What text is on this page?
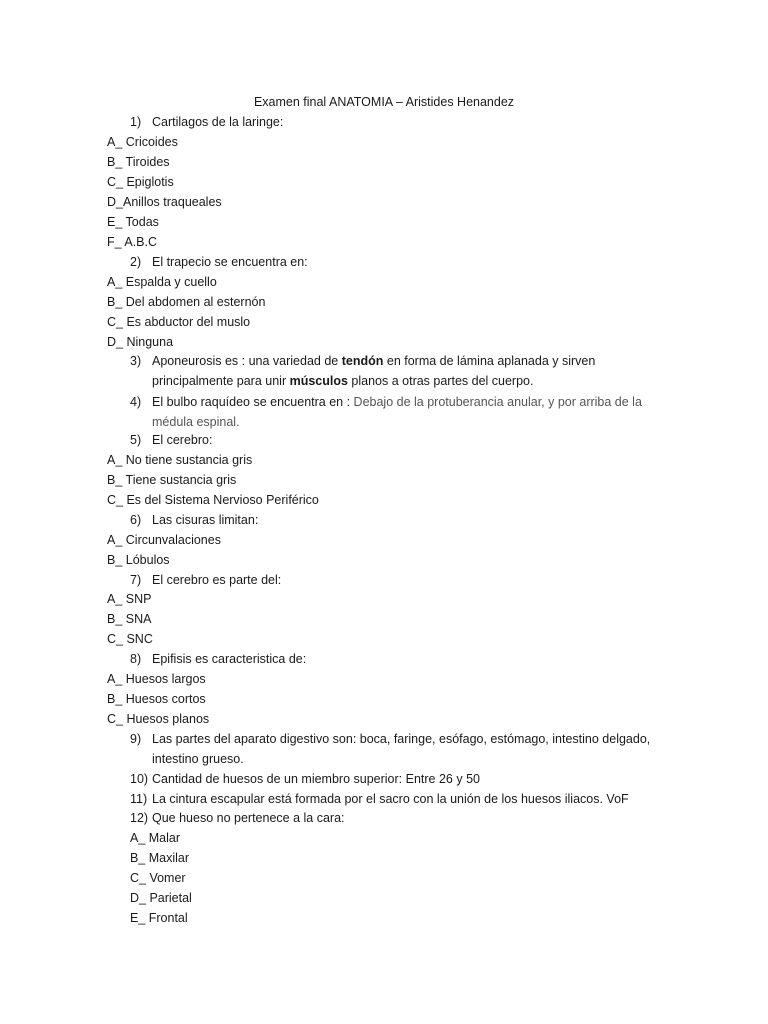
Examen final ANATOMIA – Aristides Henandez
1) Cartilagos de la laringe:
A_ Cricoides
B_ Tiroides
C_ Epiglotis
D_Anillos traqueales
E_ Todas
F_ A.B.C
2) El trapecio se encuentra en:
A_ Espalda y cuello
B_ Del abdomen al esternón
C_ Es abductor del muslo
D_ Ninguna
3) Aponeurosis es : una variedad de tendón en forma de lámina aplanada y sirven principalmente para unir músculos planos a otras partes del cuerpo.
4) El bulbo raquídeo se encuentra en : Debajo de la protuberancia anular, y por arriba de la médula espinal.
5) El cerebro:
A_ No tiene sustancia gris
B_ Tiene sustancia gris
C_ Es del Sistema Nervioso Periférico
6) Las cisuras limitan:
A_ Circunvalaciones
B_ Lóbulos
7) El cerebro es parte del:
A_ SNP
B_ SNA
C_ SNC
8) Epifisis es caracteristica de:
A_ Huesos largos
B_ Huesos cortos
C_ Huesos planos
9) Las partes del aparato digestivo son: boca, faringe, esófago, estómago, intestino delgado, intestino grueso.
10) Cantidad de huesos de un miembro superior: Entre 26 y 50
11) La cintura escapular está formada por el sacro con la unión de los huesos iliacos. VoF
12) Que hueso no pertenece a la cara:
A_ Malar
B_ Maxilar
C_ Vomer
D_ Parietal
E_ Frontal
